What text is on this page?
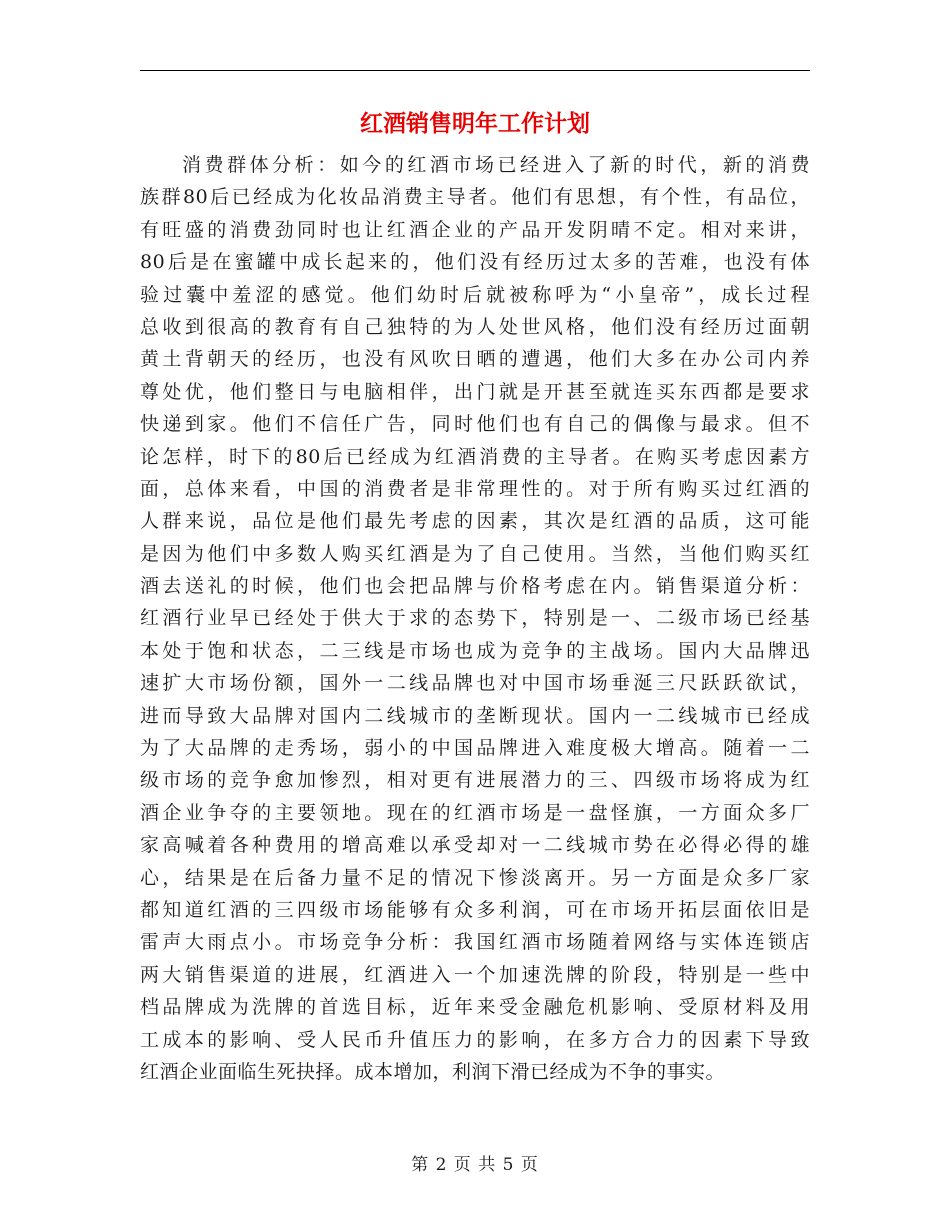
红酒销售明年工作计划
消费群体分析：如今的红酒市场已经进入了新的时代，新的消费
族群80后已经成为化妆品消费主导者。他们有思想，有个性，有品位，
有旺盛的消费劲同时也让红酒企业的产品开发阴晴不定。相对来讲，
80后是在蜜罐中成长起来的，他们没有经历过太多的苦难，也没有体
验过囊中羞涩的感觉。他们幼时后就被称呼为“小皇帝”，成长过程
总收到很高的教育有自己独特的为人处世风格，他们没有经历过面朝
黄土背朝天的经历，也没有风吹日晒的遭遇，他们大多在办公司内养
尊处优，他们整日与电脑相伴，出门就是开甚至就连买东西都是要求
快递到家。他们不信任广告，同时他们也有自己的偶像与最求。但不
论怎样，时下的80后已经成为红酒消费的主导者。在购买考虑因素方
面，总体来看，中国的消费者是非常理性的。对于所有购买过红酒的
人群来说，品位是他们最先考虑的因素，其次是红酒的品质，这可能
是因为他们中多数人购买红酒是为了自己使用。当然，当他们购买红
酒去送礼的时候，他们也会把品牌与价格考虑在内。销售渠道分析：
红酒行业早已经处于供大于求的态势下，特别是一、二级市场已经基
本处于饱和状态，二三线是市场也成为竞争的主战场。国内大品牌迅
速扩大市场份额，国外一二线品牌也对中国市场垂涎三尺跃跃欲试，
进而导致大品牌对国内二线城市的垄断现状。国内一二线城市已经成
为了大品牌的走秀场，弱小的中国品牌进入难度极大增高。随着一二
级市场的竞争愈加惨烈，相对更有进展潜力的三、四级市场将成为红
酒企业争夺的主要领地。现在的红酒市场是一盘怪旗，一方面众多厂
家高喊着各种费用的增高难以承受却对一二线城市势在必得必得的雄
心，结果是在后备力量不足的情况下惨淡离开。另一方面是众多厂家
都知道红酒的三四级市场能够有众多利润，可在市场开拓层面依旧是
雷声大雨点小。市场竞争分析：我国红酒市场随着网络与实体连锁店
两大销售渠道的进展，红酒进入一个加速洗牌的阶段，特别是一些中
档品牌成为洗牌的首选目标，近年来受金融危机影响、受原材料及用
工成本的影响、受人民币升值压力的影响，在多方合力的因素下导致
红酒企业面临生死抉择。成本增加，利润下滑已经成为不争的事实。
第 2 页 共 5 页
